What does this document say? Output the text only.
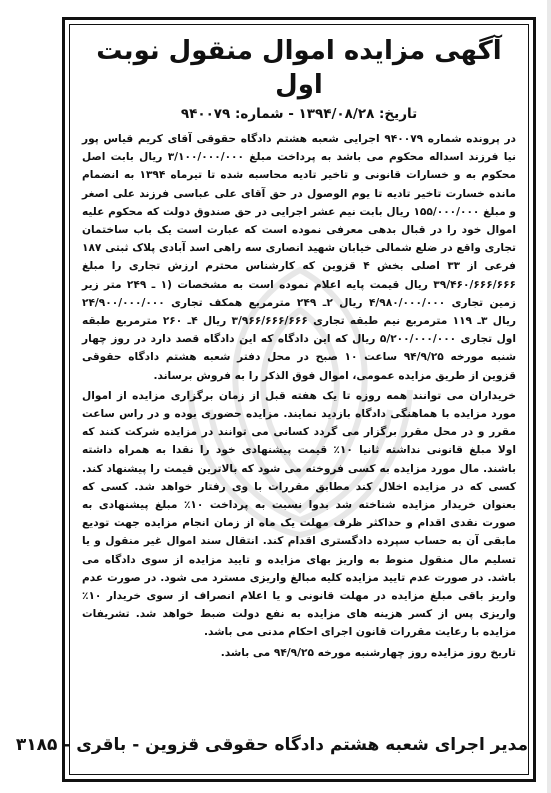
آگهی مزایده اموال منقول نوبت اول
تاریخ: ۱۳۹۴/۰۸/۲۸ - شماره: ۹۴۰۰۷۹

در پرونده شماره ۹۴۰۰۷۹ اجرایی شعبه هشتم دادگاه حقوقی آقای کریم قیاس پور نیا فرزند اسداله محکوم می باشد به پرداخت مبلغ ۳/۱۰۰/۰۰۰/۰۰۰ ریال بابت اصل محکوم به و خسارات قانونی و تاخیر تادیه محاسبه شده تا تیرماه ۱۳۹۴ به انضمام مانده خسارت تاخیر تادیه تا یوم الوصول در حق آقای علی عباسی فرزند علی اصغر و مبلغ ۱۵۵/۰۰۰/۰۰۰ ریال بابت نیم عشر اجرایی در حق صندوق دولت که محکوم علیه اموال خود را در قبال بدهی معرفی نموده است که عبارت است یک باب ساختمان تجاری واقع در ضلع شمالی خیابان شهید انصاری سه راهی اسد آبادی پلاک ثبتی ۱۸۷ فرعی از ۳۳ اصلی بخش ۴ قزوین که کارشناس محترم ارزش تجاری را مبلغ ۳۹/۴۶۰/۶۶۶/۶۶۶ ریال قیمت پایه اعلام نموده است به مشخصات (۱ ـ ۲۴۹ متر زیر زمین تجاری ۴/۹۸۰/۰۰۰/۰۰۰ ریال ۲ـ ۲۴۹ مترمربع همکف تجاری ۲۴/۹۰۰/۰۰۰/۰۰۰ ریال ۳ـ ۱۱۹ مترمربع نیم طبقه تجاری ۳/۹۶۶/۶۶۶/۶۶۶ ریال ۴ـ ۲۶۰ مترمربع طبقه اول تجاری ۵/۲۰۰/۰۰۰/۰۰۰ ریال که این دادگاه که این دادگاه قصد دارد در روز چهار شنبه مورخه ۹۴/۹/۲۵ ساعت ۱۰ صبح در محل دفتر شعبه هشتم دادگاه حقوقی قزوین از طریق مزایده عمومی، اموال فوق الذکر را به فروش برساند.

خریداران می توانند همه روزه تا یک هفته قبل از زمان برگزاری مزایده از اموال مورد مزایده با هماهنگی دادگاه بازدید نمایند. مزایده حضوری بوده و در راس ساعت مقرر و در محل مقرر برگزار می گردد کسانی می توانند در مزایده شرکت کنند که اولا مبلغ قانونی نداشته ثانیا ۱۰٪ قیمت پیشنهادی خود را نقدا به همراه داشته باشند. مال مورد مزایده به کسی فروخته می شود که بالاترین قیمت را پیشنهاد کند. کسی که در مزایده اخلال کند مطابق مقررات با وی رفتار خواهد شد. کسی که بعنوان خریدار مزایده شناخته شد بدوا نسبت به پرداخت ۱۰٪ مبلغ پیشنهادی به صورت نقدی اقدام و حداکثر ظرف مهلت یک ماه از زمان انجام مزایده جهت تودیع مابقی آن به حساب سپرده دادگستری اقدام کند. انتقال سند اموال غیر منقول و یا تسلیم مال منقول منوط به واریز بهای مزایده و تایید مزایده از سوی دادگاه می باشد. در صورت عدم تایید مزایده کلیه مبالغ واریزی مسترد می شود. در صورت عدم واریز باقی مبلغ مزایده در مهلت قانونی و یا اعلام انصراف از سوی خریدار ۱۰٪ واریزی پس از کسر هزینه های مزایده به نفع دولت ضبط خواهد شد. تشریفات مزایده با رعایت مقررات قانون اجرای احکام مدنی می باشد.

تاریخ روز مزایده روز چهارشنبه مورخه ۹۴/۹/۲۵ می باشد.

مدیر اجرای شعبه هشتم دادگاه حقوقی قزوین - باقری - ۳۱۸۵
